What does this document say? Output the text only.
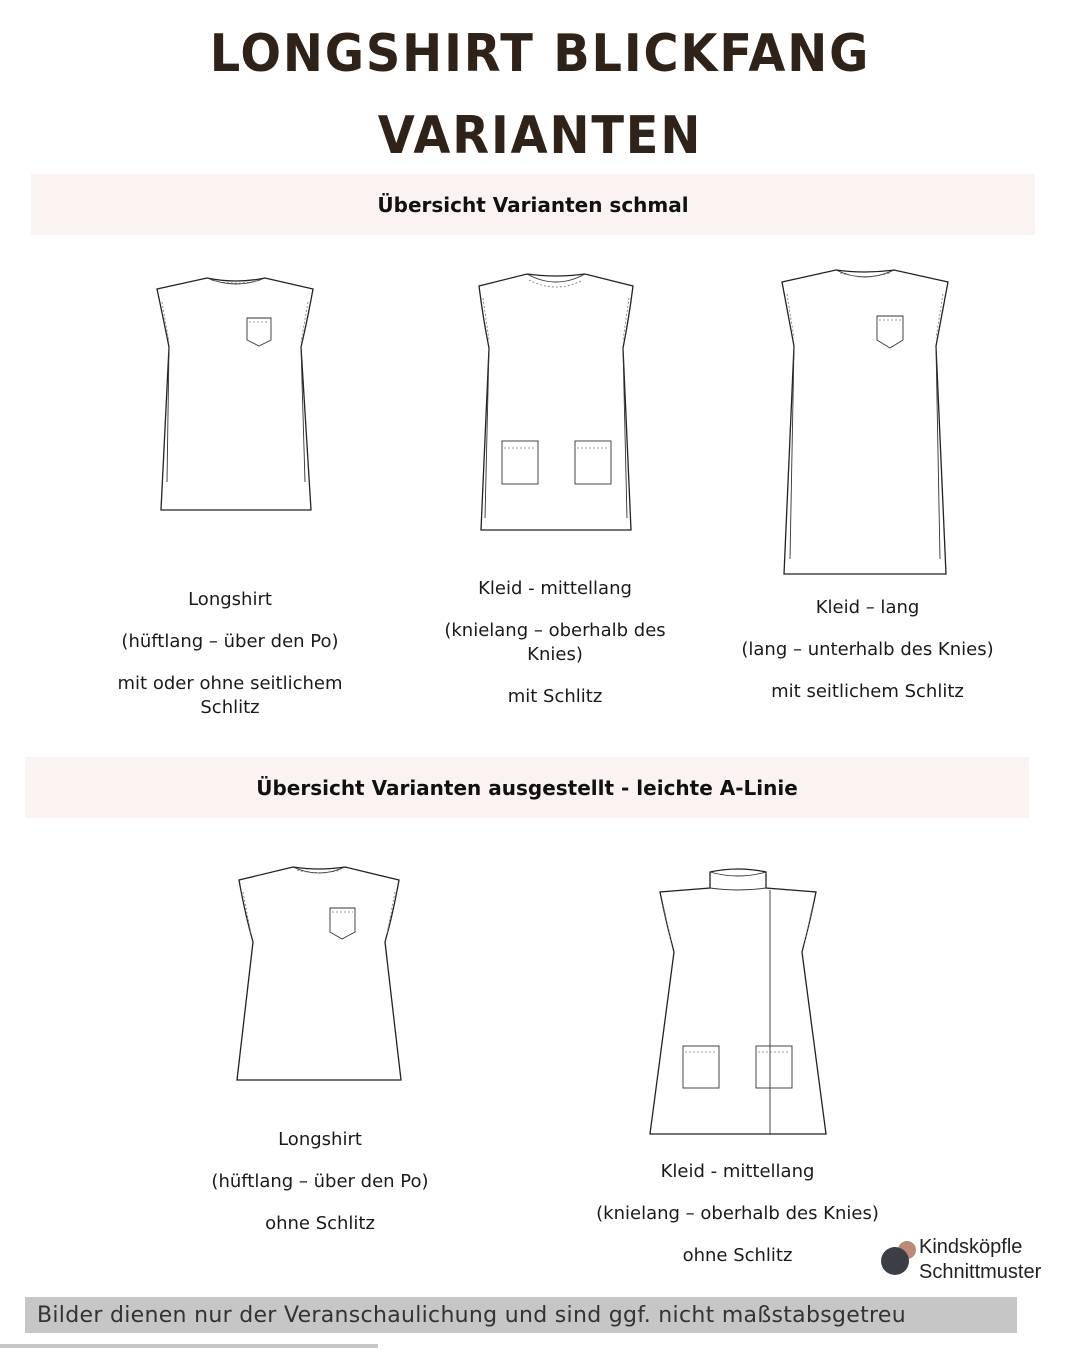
LONGSHIRT BLICKFANG
VARIANTEN
Übersicht Varianten schmal

Longshirt

(hüftlang – über den Po)

mit oder ohne seitlichem Schlitz

Kleid - mittellang

(knielang – oberhalb des Knies)

mit Schlitz

Kleid – lang

(lang – unterhalb des Knies)

mit seitlichem Schlitz

Übersicht Varianten ausgestellt - leichte A-Linie

Longshirt

(hüftlang – über den Po)

ohne Schlitz

Kleid - mittellang

(knielang – oberhalb des Knies)

ohne Schlitz	Kindsköpfle
Schnittmuster
Bilder dienen nur der Veranschaulichung und sind ggf. nicht maßstabsgetreu
